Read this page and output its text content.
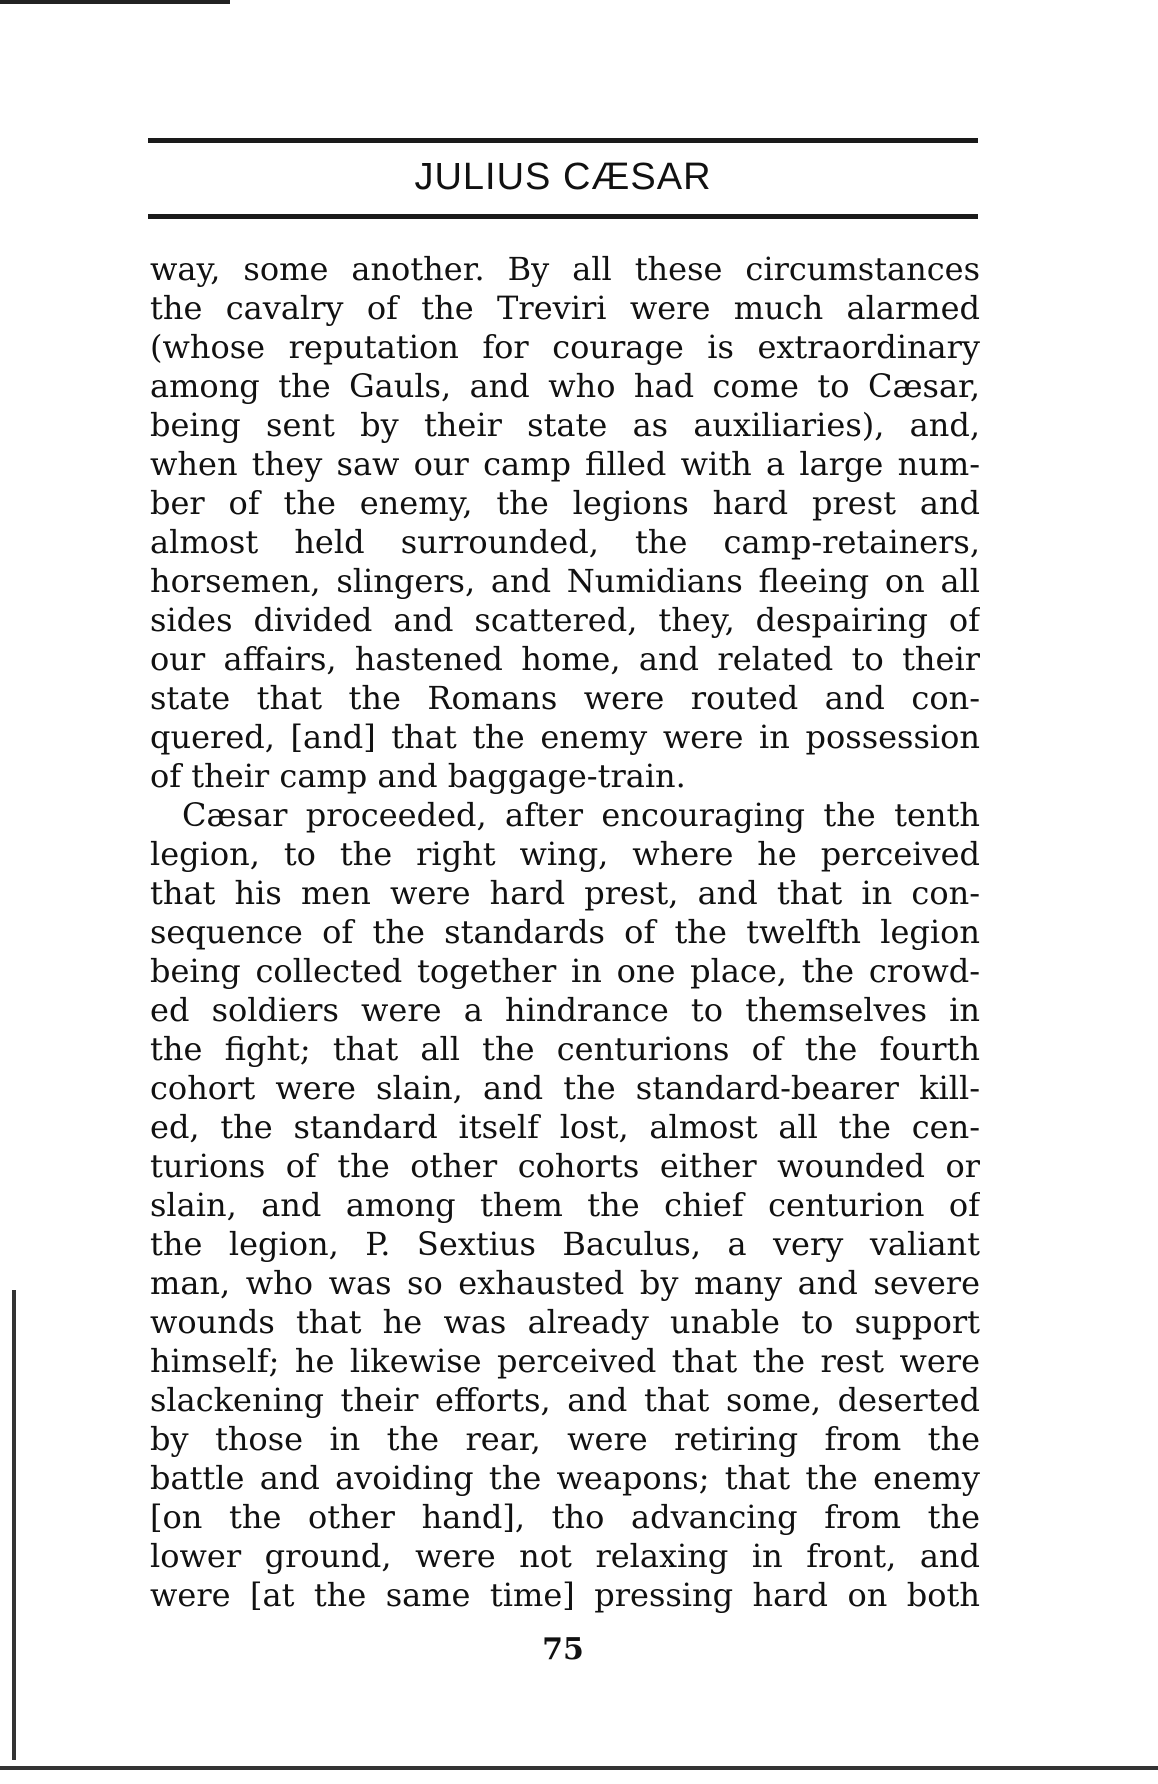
JULIUS CÆSAR
way, some another. By all these circumstances
the cavalry of the Treviri were much alarmed
(whose reputation for courage is extraordinary
among the Gauls, and who had come to Cæsar,
being sent by their state as auxiliaries), and,
when they saw our camp filled with a large num-
ber of the enemy, the legions hard prest and
almost held surrounded, the camp-retainers,
horsemen, slingers, and Numidians fleeing on all
sides divided and scattered, they, despairing of
our affairs, hastened home, and related to their
state that the Romans were routed and con-
quered, [and] that the enemy were in possession
of their camp and baggage-train.
Cæsar proceeded, after encouraging the tenth
legion, to the right wing, where he perceived
that his men were hard prest, and that in con-
sequence of the standards of the twelfth legion
being collected together in one place, the crowd-
ed soldiers were a hindrance to themselves in
the fight; that all the centurions of the fourth
cohort were slain, and the standard-bearer kill-
ed, the standard itself lost, almost all the cen-
turions of the other cohorts either wounded or
slain, and among them the chief centurion of
the legion, P. Sextius Baculus, a very valiant
man, who was so exhausted by many and severe
wounds that he was already unable to support
himself; he likewise perceived that the rest were
slackening their efforts, and that some, deserted
by those in the rear, were retiring from the
battle and avoiding the weapons; that the enemy
[on the other hand], tho advancing from the
lower ground, were not relaxing in front, and
were [at the same time] pressing hard on both
75
